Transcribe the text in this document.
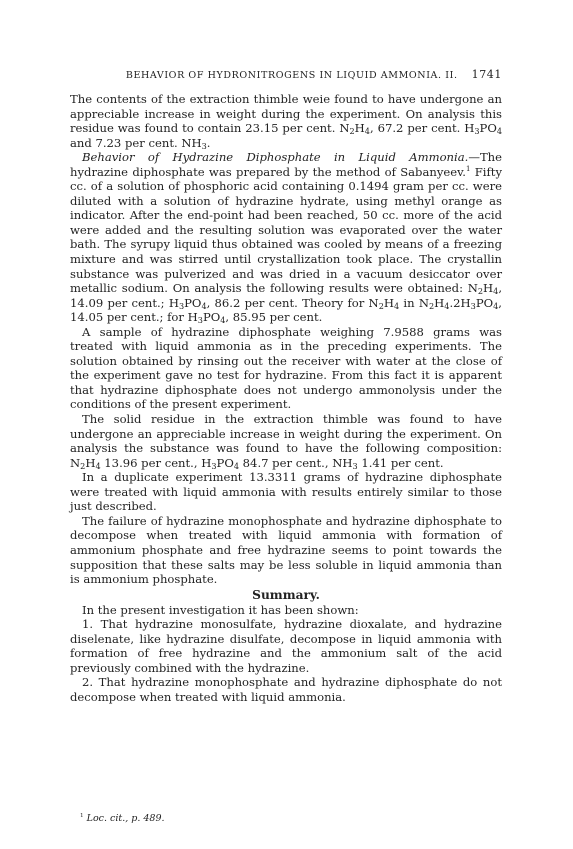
BEHAVIOR OF HYDRONITROGENS IN LIQUID AMMONIA. II. 1741

The contents of the extraction thimble weie found to have undergone an appreciable increase in weight during the experiment. On analysis this residue was found to contain 23.15 per cent. $N_2H_4$, 67.2 per cent. $H_3PO_4$ and 7.23 per cent. $NH_3$.

Behavior of Hydrazine Diphosphate in Liquid Ammonia.—The hydrazine diphosphate was prepared by the method of Sabanyeev.$^1$ Fifty cc. of a solution of phosphoric acid containing 0.1494 gram per cc. were diluted with a solution of hydrazine hydrate, using methyl orange as indicator. After the end-point had been reached, 50 cc. more of the acid were added and the resulting solution was evaporated over the water bath. The syrupy liquid thus obtained was cooled by means of a freezing mixture and was stirred until crystallization took place. The crystallin substance was pulverized and was dried in a vacuum desiccator over metallic sodium. On analysis the following results were obtained: $N_2H_4$, 14.09 per cent.; $H_3PO_4$, 86.2 per cent. Theory for $N_2H_4$ in $N_2H_4.2H_3PO_4$, 14.05 per cent.; for $H_3PO_4$, 85.95 per cent.

A sample of hydrazine diphosphate weighing 7.9588 grams was treated with liquid ammonia as in the preceding experiments. The solution obtained by rinsing out the receiver with water at the close of the experiment gave no test for hydrazine. From this fact it is apparent that hydrazine diphosphate does not undergo ammonolysis under the conditions of the present experiment.

The solid residue in the extraction thimble was found to have undergone an appreciable increase in weight during the experiment. On analysis the substance was found to have the following composition: $N_2H_4$ 13.96 per cent., $H_3PO_4$ 84.7 per cent., $NH_3$ 1.41 per cent.

In a duplicate experiment 13.3311 grams of hydrazine diphosphate were treated with liquid ammonia with results entirely similar to those just described.

The failure of hydrazine monophosphate and hydrazine diphosphate to decompose when treated with liquid ammonia with formation of ammonium phosphate and free hydrazine seems to point towards the supposition that these salts may be less soluble in liquid ammonia than is ammonium phosphate.

Summary.

In the present investigation it has been shown:

1. That hydrazine monosulfate, hydrazine dioxalate, and hydrazine diselenate, like hydrazine disulfate, decompose in liquid ammonia with formation of free hydrazine and the ammonium salt of the acid previously combined with the hydrazine.

2. That hydrazine monophosphate and hydrazine diphosphate do not decompose when treated with liquid ammonia.

$^1$ Loc. cit., p. 489.
